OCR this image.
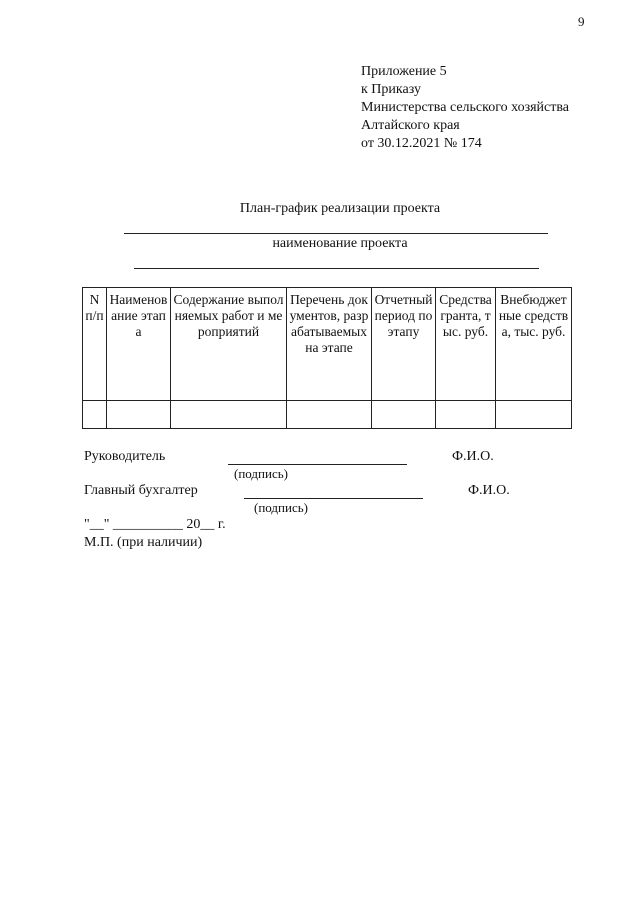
9
Приложение 5
к Приказу
Министерства сельского хозяйства
Алтайского края
от 30.12.2021 № 174
План-график реализации проекта
наименование проекта
N п/п	Наименование этапа	Содержание выполняемых работ и мероприятий	Перечень документов, разрабатываемых на этапе	Отчетный период по этапу	Средства гранта, тыс. руб.	Внебюджетные средства, тыс. руб.

Руководитель	Ф.И.О.
(подпись)
Главный бухгалтер	Ф.И.О.
(подпись)
"__" __________ 20__ г.
М.П. (при наличии)
